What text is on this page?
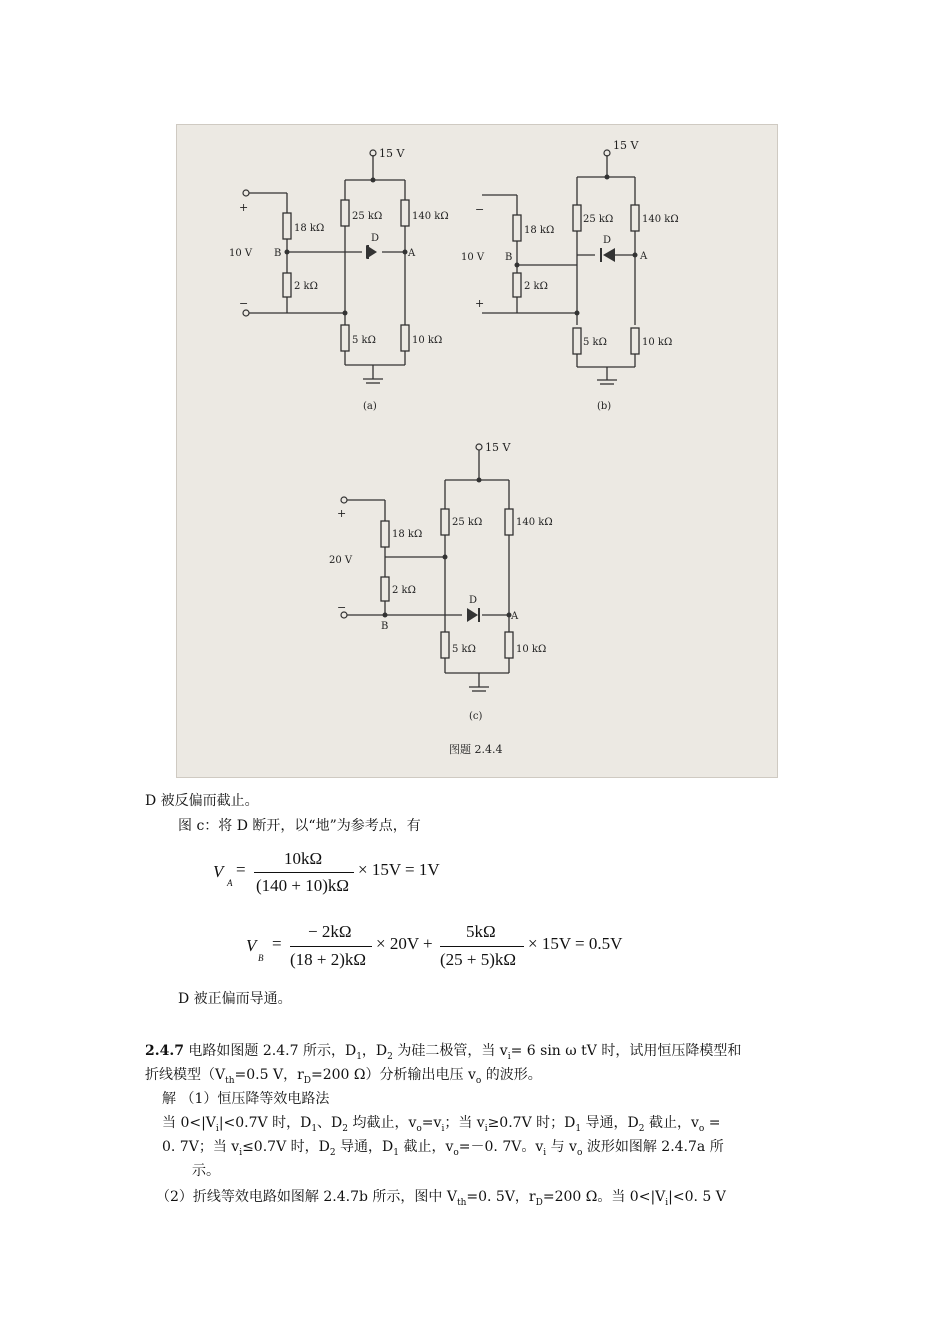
15 V
25 kΩ	140 kΩ
18 kΩ
2 kΩ
5 kΩ	10 kΩ
10 V B	A
D
+
−
(a)
15 V
25 kΩ	140 kΩ
18 kΩ
2 kΩ
5 kΩ	10 kΩ
10 V B	A
D
−
+
(b)
15 V
25 kΩ	140 kΩ
18 kΩ
2 kΩ
5 kΩ	10 kΩ
20 V
B
A
D
+
−
(c)
图题 2.4.4
D 被反偏而截止。
图 c：将 D 断开，以“地”为参考点，有
V
A
=
10kΩ
(140 + 10)kΩ
× 15V = 1V
V
B
=
− 2kΩ
(18 + 2)kΩ
× 20V +
5kΩ
(25 + 5)kΩ
× 15V = 0.5V
D 被正偏而导通。
2.4.7 电路如图题 2.4.7 所示，$D_1$，$D_2$ 为硅二极管，当 $v_i= 6$ sin ω tV 时，试用恒压降模型和
折线模型（$V_{th}=0.5$ V，$r_D=200$ Ω）分析输出电压 $v_o$ 的波形。
解 （1）恒压降等效电路法
当 $0<|V_i|<0.7V$ 时，$D_1$、$D_2$ 均截止，$v_o=v_i$；当 $v_i\ge 0.7V$ 时；$D_1$ 导通，$D_2$ 截止，$v_o$ =
0. 7V；当 $v_i\le 0.7V$ 时，$D_2$ 导通，$D_1$ 截止，$v_o=-0$. 7V。$v_i$ 与 $v_o$ 波形如图解 2.4.7a 所
示。
（2）折线等效电路如图解 2.4.7b 所示，图中 $V_{th}=0$. 5V，$r_D=200$ Ω。当 $0<|V_i|<0$. 5 V
